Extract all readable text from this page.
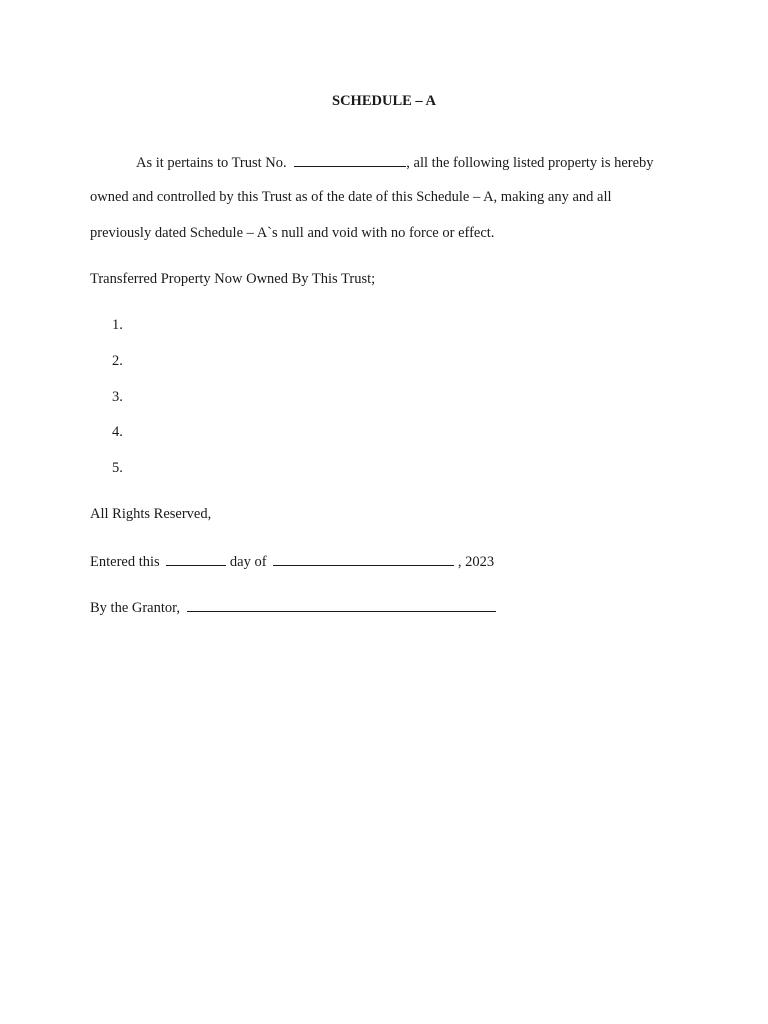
SCHEDULE – A
As it pertains to Trust No.	, all the following listed property is hereby
owned and controlled by this Trust as of the date of this Schedule – A, making any and all
previously dated Schedule – A`s null and void with no force or effect.
Transferred Property Now Owned By This Trust;
1.
2.
3.
4.
5.
All Rights Reserved,
Entered this	day of	, 2023
By the Grantor,
